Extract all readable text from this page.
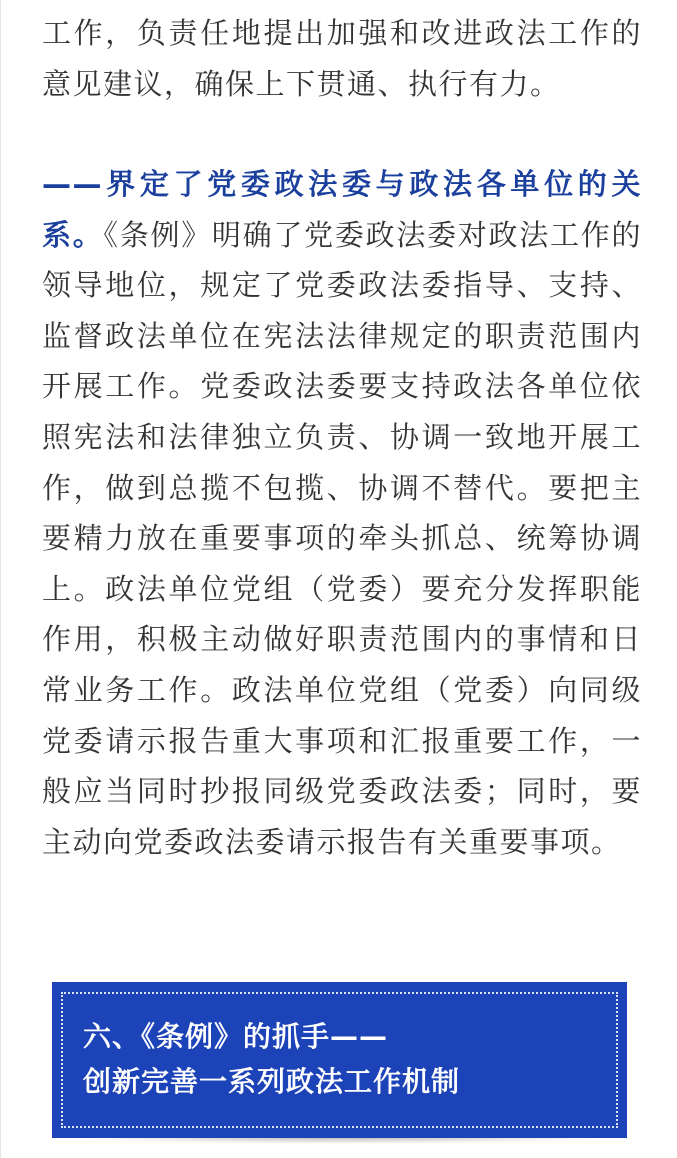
工作，负责任地提出加强和改进政法工作的意见建议，确保上下贯通、执行有力。

——界定了党委政法委与政法各单位的关系。《条例》明确了党委政法委对政法工作的领导地位，规定了党委政法委指导、支持、监督政法单位在宪法法律规定的职责范围内开展工作。党委政法委要支持政法各单位依照宪法和法律独立负责、协调一致地开展工作，做到总揽不包揽、协调不替代。要把主要精力放在重要事项的牵头抓总、统筹协调上。政法单位党组（党委）要充分发挥职能作用，积极主动做好职责范围内的事情和日常业务工作。政法单位党组（党委）向同级党委请示报告重大事项和汇报重要工作，一般应当同时抄报同级党委政法委；同时，要主动向党委政法委请示报告有关重要事项。

六、《条例》的抓手——

创新完善一系列政法工作机制
